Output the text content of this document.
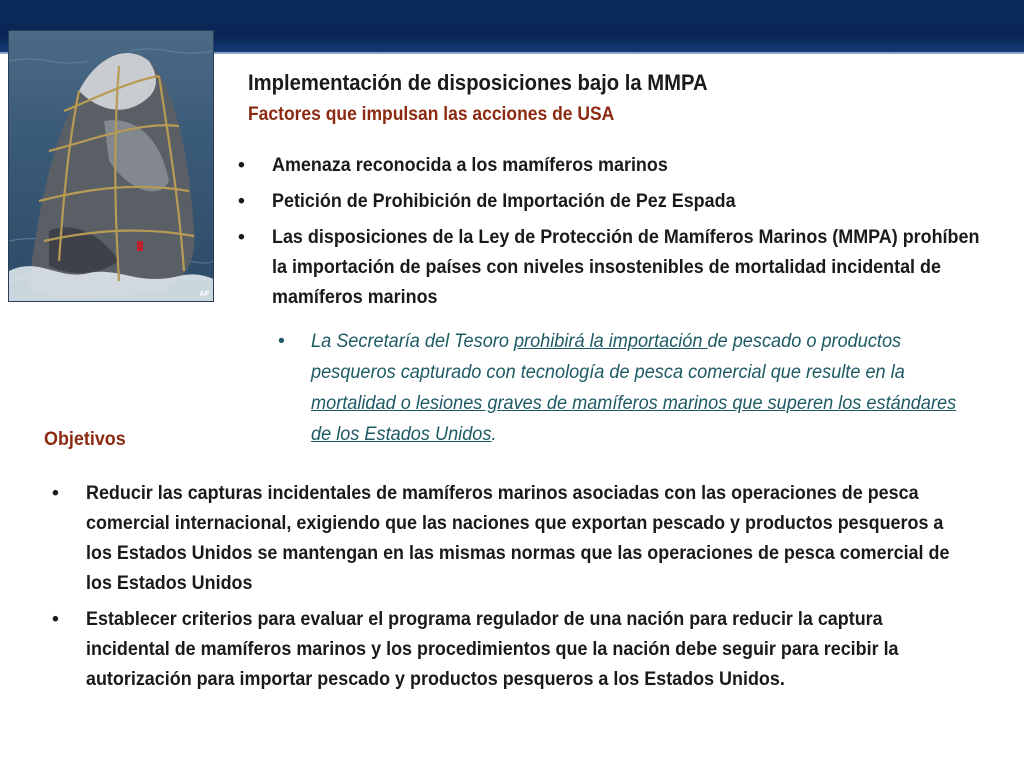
AP
Implementación de disposiciones bajo la MMPA
Factores que impulsan las acciones de USA
• Amenaza reconocida a los mamíferos marinos
• Petición de Prohibición de Importación de Pez Espada
• Las disposiciones de la Ley de Protección de Mamíferos Marinos (MMPA) prohíben la importación de países con niveles insostenibles de mortalidad incidental de mamíferos marinos
• La Secretaría del Tesoro prohibirá la importación de pescado o productos pesqueros capturado con tecnología de pesca comercial que resulte en la mortalidad o lesiones graves de mamíferos marinos que superen los estándares de los Estados Unidos.
Objetivos
• Reducir las capturas incidentales de mamíferos marinos asociadas con las operaciones de pesca comercial internacional, exigiendo que las naciones que exportan pescado y productos pesqueros a los Estados Unidos se mantengan en las mismas normas que las operaciones de pesca comercial de los Estados Unidos
• Establecer criterios para evaluar el programa regulador de una nación para reducir la captura incidental de mamíferos marinos y los procedimientos que la nación debe seguir para recibir la autorización para importar pescado y productos pesqueros a los Estados Unidos.
